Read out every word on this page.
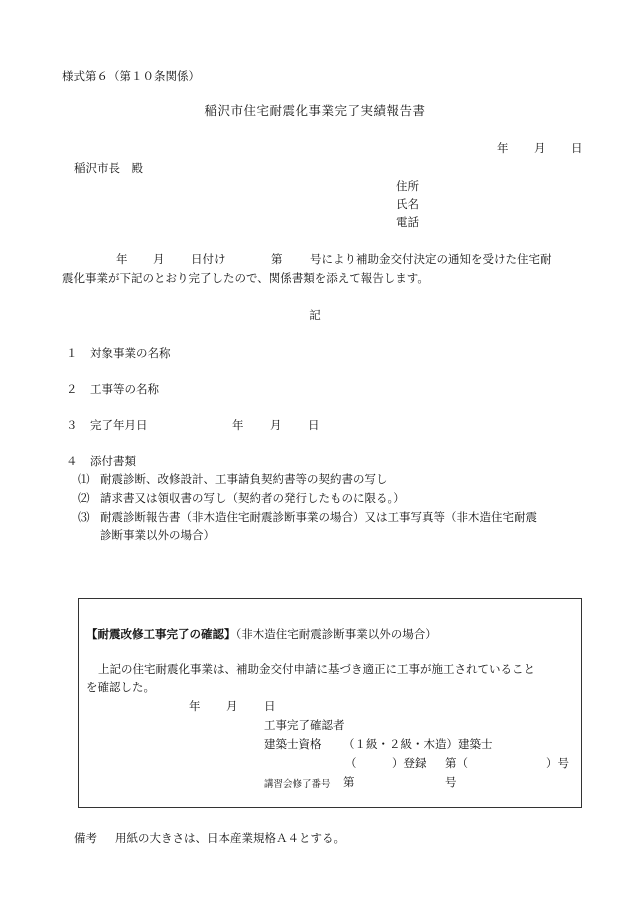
様式第６（第１０条関係）
稲沢市住宅耐震化事業完了実績報告書
年 月 日
稲沢市長　殿
住所
氏名
電話
年 月 日付け	第 号により補助金交付決定の通知を受けた住宅耐
震化事業が下記のとおり完了したので、関係書類を添えて報告します。
記
１ 対象事業の名称
２ 工事等の名称
３ 完了年月日	年 月 日
４ 添付書類
⑴ 耐震診断、改修設計、工事請負契約書等の契約書の写し
⑵ 請求書又は領収書の写し（契約者の発行したものに限る。）
⑶ 耐震診断報告書（非木造住宅耐震診断事業の場合）又は工事写真等（非木造住宅耐震
診断事業以外の場合）
【耐震改修工事完了の確認】（非木造住宅耐震診断事業以外の場合）
上記の住宅耐震化事業は、補助金交付申請に基づき適正に工事が施工されていること
を確認した。
年 月 日
工事完了確認者
建築士資格 （１級・２級・木造）建築士
（	）登録 第（	）号
講習会修了番号 第	号
備考 用紙の大きさは、日本産業規格Ａ４とする。
